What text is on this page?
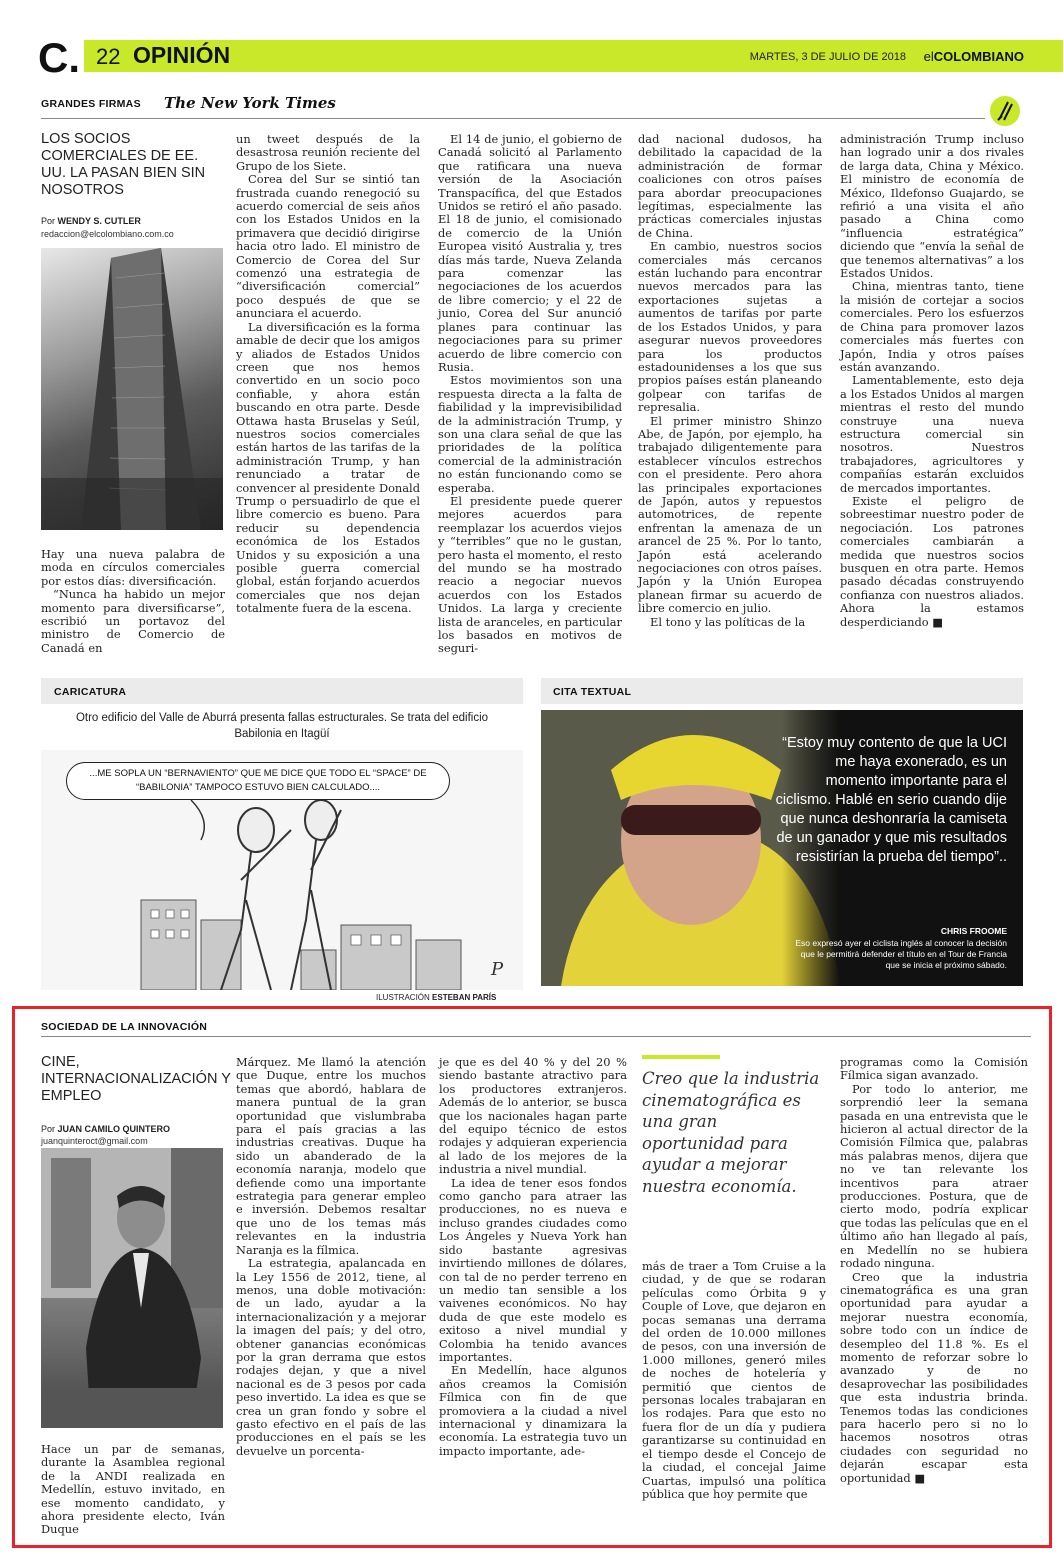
C. 22 OPINIÓN	MARTES, 3 DE JULIO DE 2018 elCOLOMBIANO
GRANDES FIRMAS The New York Times
LOS SOCIOS COMERCIALES DE EE. UU. LA PASAN BIEN SIN NOSOTROS
Por WENDY S. CUTLER
redaccion@elcolombiano.com.co

Hay una nueva palabra de moda en círculos comerciales por estos días: diversificación.

“Nunca ha habido un mejor momento para diversificarse”, escribió un portavoz del ministro de Comercio de Canadá en

un tweet después de la desastrosa reunión reciente del Grupo de los Siete.

Corea del Sur se sintió tan frustrada cuando renegoció su acuerdo comercial de seis años con los Estados Unidos en la primavera que decidió dirigirse hacia otro lado. El ministro de Comercio de Corea del Sur comenzó una estrategia de “diversificación comercial” poco después de que se anunciara el acuerdo.

La diversificación es la forma amable de decir que los amigos y aliados de Estados Unidos creen que nos hemos convertido en un socio poco confiable, y ahora están buscando en otra parte. Desde Ottawa hasta Bruselas y Seúl, nuestros socios comerciales están hartos de las tarifas de la administración Trump, y han renunciado a tratar de convencer al presidente Donald Trump o persuadirlo de que el libre comercio es bueno. Para reducir su dependencia económica de los Estados Unidos y su exposición a una posible guerra comercial global, están forjando acuerdos comerciales que nos dejan totalmente fuera de la escena.

El 14 de junio, el gobierno de Canadá solicitó al Parlamento que ratificara una nueva versión de la Asociación Transpacífica, del que Estados Unidos se retiró el año pasado. El 18 de junio, el comisionado de comercio de la Unión Europea visitó Australia y, tres días más tarde, Nueva Zelanda para comenzar las negociaciones de los acuerdos de libre comercio; y el 22 de junio, Corea del Sur anunció planes para continuar las negociaciones para su primer acuerdo de libre comercio con Rusia.

Estos movimientos son una respuesta directa a la falta de fiabilidad y la imprevisibilidad de la administración Trump, y son una clara señal de que las prioridades de la política comercial de la administración no están funcionando como se esperaba.

El presidente puede querer mejores acuerdos para reemplazar los acuerdos viejos y “terribles” que no le gustan, pero hasta el momento, el resto del mundo se ha mostrado reacio a negociar nuevos acuerdos con los Estados Unidos. La larga y creciente lista de aranceles, en particular los basados en motivos de seguri-

dad nacional dudosos, ha debilitado la capacidad de la administración de formar coaliciones con otros países para abordar preocupaciones legítimas, especialmente las prácticas comerciales injustas de China.

En cambio, nuestros socios comerciales más cercanos están luchando para encontrar nuevos mercados para las exportaciones sujetas a aumentos de tarifas por parte de los Estados Unidos, y para asegurar nuevos proveedores para los productos estadounidenses a los que sus propios países están planeando golpear con tarifas de represalia.

El primer ministro Shinzo Abe, de Japón, por ejemplo, ha trabajado diligentemente para establecer vínculos estrechos con el presidente. Pero ahora las principales exportaciones de Japón, autos y repuestos automotrices, de repente enfrentan la amenaza de un arancel de 25 %. Por lo tanto, Japón está acelerando negociaciones con otros países. Japón y la Unión Europea planean firmar su acuerdo de libre comercio en julio.

El tono y las políticas de la

administración Trump incluso han logrado unir a dos rivales de larga data, China y México. El ministro de economía de México, Ildefonso Guajardo, se refirió a una visita el año pasado a China como “influencia estratégica” diciendo que “envía la señal de que tenemos alternativas” a los Estados Unidos.

China, mientras tanto, tiene la misión de cortejar a socios comerciales. Pero los esfuerzos de China para promover lazos comerciales más fuertes con Japón, India y otros países están avanzando.

Lamentablemente, esto deja a los Estados Unidos al margen mientras el resto del mundo construye una nueva estructura comercial sin nosotros. Nuestros trabajadores, agricultores y compañías estarán excluidos de mercados importantes.

Existe el peligro de sobreestimar nuestro poder de negociación. Los patrones comerciales cambiarán a medida que nuestros socios busquen en otra parte. Hemos pasado décadas construyendo confianza con nuestros aliados. Ahora la estamos desperdiciando ■

CARICATURA
Otro edificio del Valle de Aburrá presenta fallas estructurales. Se trata del edificio Babilonia en Itagüí
P
...ME SOPLA UN “BERNAVIENTO” QUE ME DICE QUE TODO EL “SPACE” DE “BABILONIA” TAMPOCO ESTUVO BIEN CALCULADO....
ILUSTRACIÓN ESTEBAN PARÍS
CITA TEXTUAL
“Estoy muy contento de que la UCI me haya exonerado, es un momento importante para el ciclismo. Hablé en serio cuando dije que nunca deshonraría la camiseta de un ganador y que mis resultados resistirían la prueba del tiempo”..
CHRIS FROOME
Eso expresó ayer el ciclista inglés al conocer la decisión que le permitirá defender el título en el Tour de Francia que se inicia el próximo sábado.
SOCIEDAD DE LA INNOVACIÓN
CINE, INTERNACIONALIZACIÓN Y EMPLEO
Por JUAN CAMILO QUINTERO
juanquinteroct@gmail.com

Hace un par de semanas, durante la Asamblea regional de la ANDI realizada en Medellín, estuvo invitado, en ese momento candidato, y ahora presidente electo, Iván Duque

Márquez. Me llamó la atención que Duque, entre los muchos temas que abordó, hablara de manera puntual de la gran oportunidad que vislumbraba para el país gracias a las industrias creativas. Duque ha sido un abanderado de la economía naranja, modelo que defiende como una importante estrategia para generar empleo e inversión. Debemos resaltar que uno de los temas más relevantes en la industria Naranja es la fílmica.

La estrategia, apalancada en la Ley 1556 de 2012, tiene, al menos, una doble motivación: de un lado, ayudar a la internacionalización y a mejorar la imagen del país; y del otro, obtener ganancias económicas por la gran derrama que estos rodajes dejan, y que a nivel nacional es de 3 pesos por cada peso invertido. La idea es que se crea un gran fondo y sobre el gasto efectivo en el país de las producciones en el país se les devuelve un porcenta-

je que es del 40 % y del 20 % siendo bastante atractivo para los productores extranjeros. Además de lo anterior, se busca que los nacionales hagan parte del equipo técnico de estos rodajes y adquieran experiencia al lado de los mejores de la industria a nivel mundial.

La idea de tener esos fondos como gancho para atraer las producciones, no es nueva e incluso grandes ciudades como Los Ángeles y Nueva York han sido bastante agresivas invirtiendo millones de dólares, con tal de no perder terreno en un medio tan sensible a los vaivenes económicos. No hay duda de que este modelo es exitoso a nivel mundial y Colombia ha tenido avances importantes.

En Medellín, hace algunos años creamos la Comisión Fílmica con fin de que promoviera a la ciudad a nivel internacional y dinamizara la economía. La estrategia tuvo un impacto importante, ade-

Creo que la industria cinematográfica es una gran oportunidad para ayudar a mejorar nuestra economía.

más de traer a Tom Cruise a la ciudad, y de que se rodaran películas como Órbita 9 y Couple of Love, que dejaron en pocas semanas una derrama del orden de 10.000 millones de pesos, con una inversión de 1.000 millones, generó miles de noches de hotelería y permitió que cientos de personas locales trabajaran en los rodajes. Para que esto no fuera flor de un día y pudiera garantizarse su continuidad en el tiempo desde el Concejo de la ciudad, el concejal Jaime Cuartas, impulsó una política pública que hoy permite que

programas como la Comisión Fílmica sigan avanzado.

Por todo lo anterior, me sorprendió leer la semana pasada en una entrevista que le hicieron al actual director de la Comisión Fílmica que, palabras más palabras menos, dijera que no ve tan relevante los incentivos para atraer producciones. Postura, que de cierto modo, podría explicar que todas las películas que en el último año han llegado al país, en Medellín no se hubiera rodado ninguna.

Creo que la industria cinematográfica es una gran oportunidad para ayudar a mejorar nuestra economía, sobre todo con un índice de desempleo del 11.8 %. Es el momento de reforzar sobre lo avanzado y de no desaprovechar las posibilidades que esta industria brinda. Tenemos todas las condiciones para hacerlo pero si no lo hacemos nosotros otras ciudades con seguridad no dejarán escapar esta oportunidad ■
